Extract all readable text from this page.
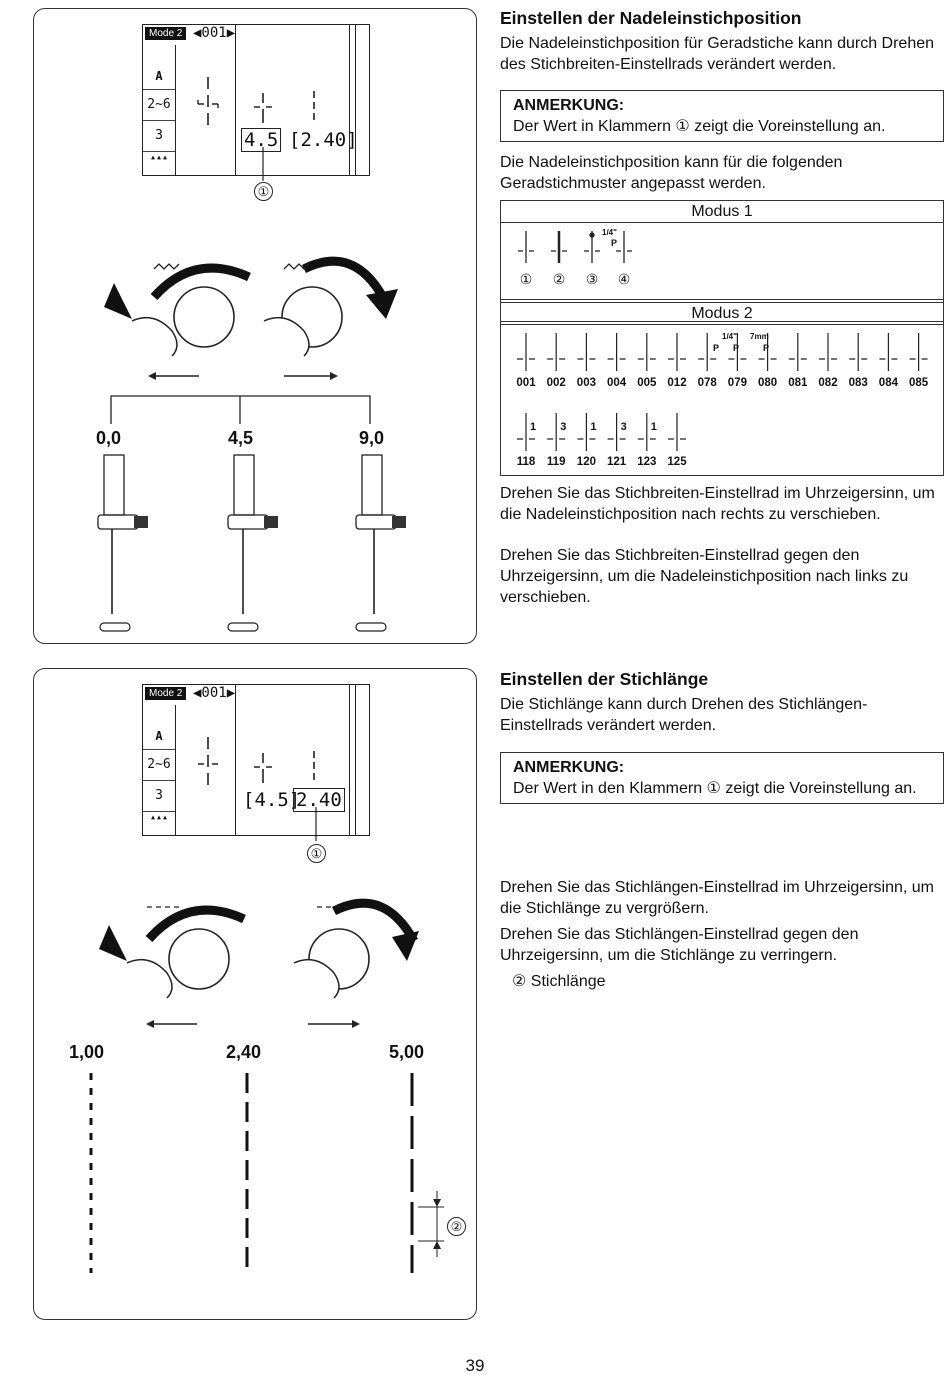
Mode 2 ◀001▶
A
2~6
3
▴▴▴
4.5 [2.40]
①
0,0	4,5	9,0
Einstellen der Nadeleinstichposition

Die Nadeleinstichposition für Geradstiche kann durch Drehen des Stichbreiten-Einstellrads verändert werden.

ANMERKUNG:
Der Wert in Klammern ① zeigt die Voreinstellung an.

Die Nadeleinstichposition kann für die folgenden Geradstichmuster angepasst werden.

Modus 1
1/4"
P
①	②	③	④
Modus 2
1/4" 7mm
P P	P
001 002 003 004 005 012 078 079 080 081 082 083 084 085
1 3 1 3 1
118	119 120 121 123 125

Drehen Sie das Stichbreiten-Einstellrad im Uhrzeigersinn, um die Nadeleinstichposition nach rechts zu verschieben.

Drehen Sie das Stichbreiten-Einstellrad gegen den Uhrzeigersinn, um die Nadeleinstichposition nach links zu verschieben.

Mode 2 ◀001▶
A
2~6
3
▴▴▴
[4.5]
2.40
①
1,00	2,40	5,00
②
Einstellen der Stichlänge

Die Stichlänge kann durch Drehen des Stichlängen-Einstellrads verändert werden.

ANMERKUNG:
Der Wert in den Klammern ① zeigt die Voreinstellung an.

Drehen Sie das Stichlängen-Einstellrad im Uhrzeigersinn, um die Stichlänge zu vergrößern.

Drehen Sie das Stichlängen-Einstellrad gegen den Uhrzeigersinn, um die Stichlänge zu verringern.

② Stichlänge

39
